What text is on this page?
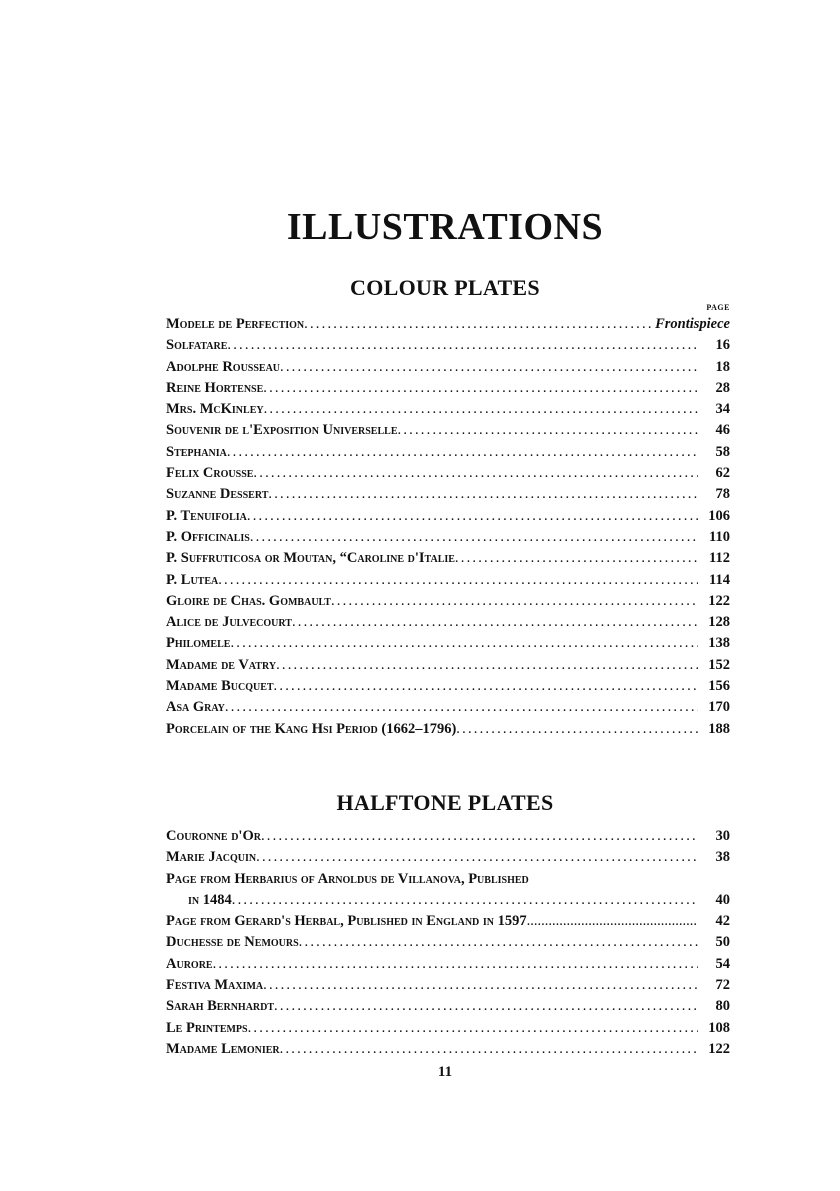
ILLUSTRATIONS
COLOUR PLATES
PAGE
Modele de Perfection .....	Frontispiece
Solfatare .....	16
Adolphe Rousseau .....	18
Reine Hortense .....	28
Mrs. McKinley .....	34
Souvenir de l'Exposition Universelle .....	46
Stephania .....	58
Felix Crousse .....	62
Suzanne Dessert .....	78
P. Tenuifolia .....	106
P. Officinalis .....	110
P. Suffruticosa or Moutan, “Caroline d'Italie .....	112
P. Lutea .....	114
Gloire de Chas. Gombault .....	122
Alice de Julvecourt .....	128
Philomele .....	138
Madame de Vatry .....	152
Madame Bucquet .....	156
Asa Gray .....	170
Porcelain of the Kang Hsi Period (1662–1796) .....	188
HALFTONE PLATES
Couronne d'Or .....	30
Marie Jacquin .....	38
Page from Herbarius of Arnoldus de Villanova, Published
in 1484 .....	40
Page from Gerard's Herbal, Published in England in 1597 .....	42
Duchesse de Nemours .....	50
Aurore .....	54
Festiva Maxima .....	72
Sarah Bernhardt .....	80
Le Printemps .....	108
Madame Lemonier .....	122
11
